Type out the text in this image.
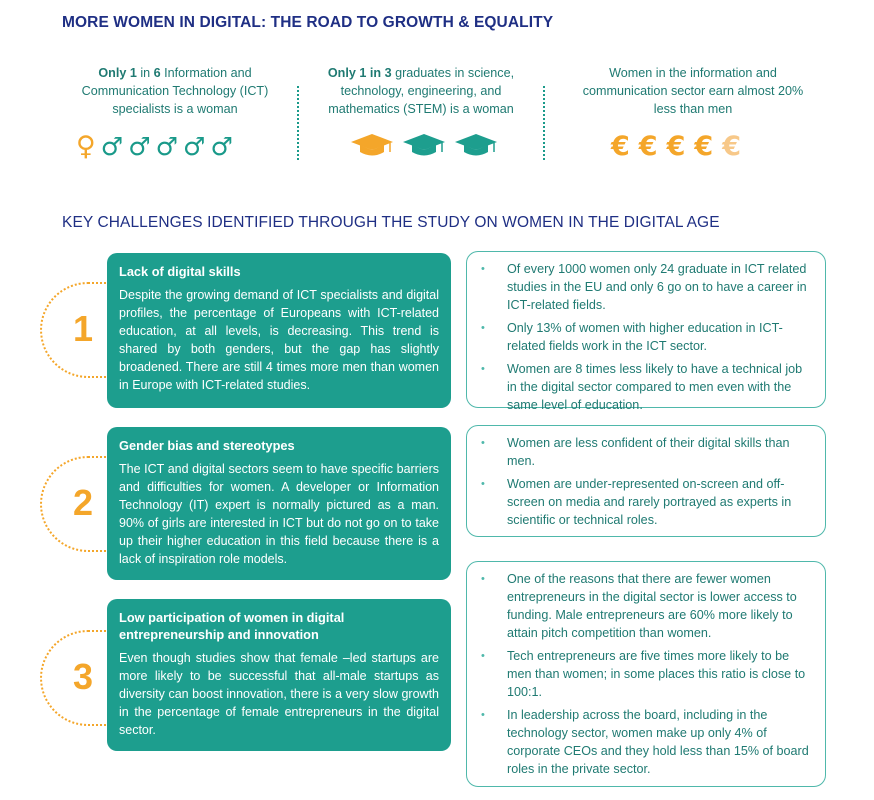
MORE WOMEN IN DIGITAL: THE ROAD TO GROWTH & EQUALITY
Only 1 in 6 Information and Communication Technology (ICT) specialists is a woman
♀ ♂ ♂ ♂ ♂ ♂
Only 1 in 3 graduates in science, technology, engineering, and mathematics (STEM) is a woman
Women in the information and communication sector earn almost 20% less than men
€ € € € €
KEY CHALLENGES IDENTIFIED THROUGH THE STUDY ON WOMEN IN THE DIGITAL AGE
1
Lack of digital skills

Despite the growing demand of ICT specialists and digital profiles, the percentage of Europeans with ICT-related education, at all levels, is decreasing. This trend is shared by both genders, but the gap has slightly broadened. There are still 4 times more men than women in Europe with ICT-related studies.

• Of every 1000 women only 24 graduate in ICT related studies in the EU and only 6 go on to have a career in ICT-related fields.
• Only 13% of women with higher education in ICT-related fields work in the ICT sector.
• Women are 8 times less likely to have a technical job in the digital sector compared to men even with the same level of education.
2
Gender bias and stereotypes

The ICT and digital sectors seem to have specific barriers and difficulties for women. A developer or Information Technology (IT) expert is normally pictured as a man. 90% of girls are interested in ICT but do not go on to take up their higher education in this field because there is a lack of inspiration role models.

• Women are less confident of their digital skills than men.
• Women are under-represented on-screen and off-screen on media and rarely portrayed as experts in scientific or technical roles.
3
Low participation of women in digital entrepreneurship and innovation

Even though studies show that female –led startups are more likely to be successful that all-male startups as diversity can boost innovation, there is a very slow growth in the percentage of female entrepreneurs in the digital sector.

• One of the reasons that there are fewer women entrepreneurs in the digital sector is lower access to funding. Male entrepreneurs are 60% more likely to attain pitch competition than women.
• Tech entrepreneurs are five times more likely to be men than women; in some places this ratio is close to 100:1.
• In leadership across the board, including in the technology sector, women make up only 4% of corporate CEOs and they hold less than 15% of board roles in the private sector.
